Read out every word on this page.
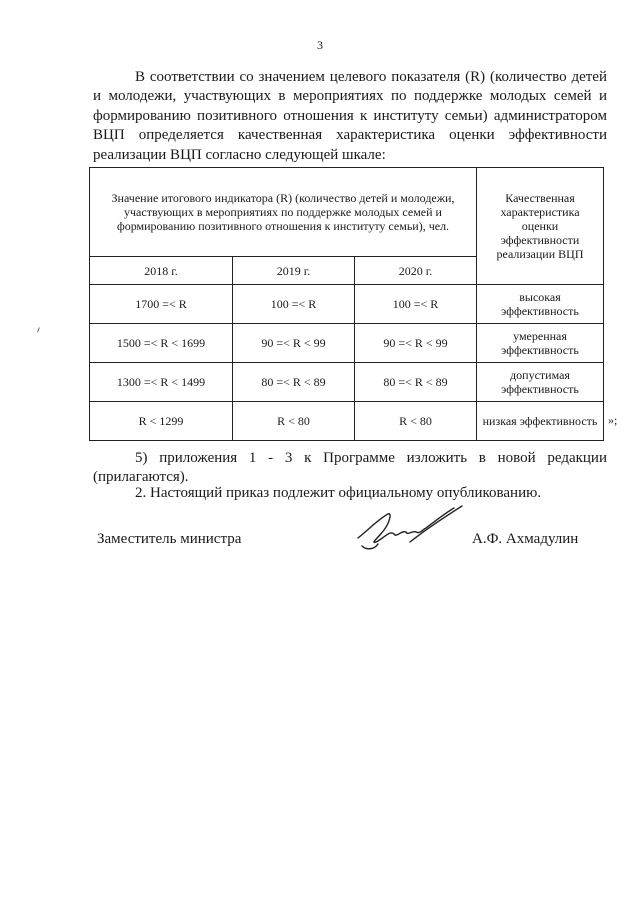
3
В соответствии со значением целевого показателя (R) (количество детей и молодежи, участвующих в мероприятиях по поддержке молодых семей и формированию позитивного отношения к институту семьи) администратором ВЦП определяется качественная характеристика оценки эффективности реализации ВЦП согласно следующей шкале:
Значение итогового индикатора (R) (количество детей и молодежи, участвующих в мероприятиях по поддержке молодых семей и формированию позитивного отношения к институту семьи), чел.			Качественная характеристика оценки эффективности реализации ВЦП
2018 г.	2019 г.	2020 г.	
1700 =< R	100 =< R	100 =< R	высокая эффективность
1500 =< R < 1699	90 =< R < 99	90 =< R < 99	умеренная эффективность
1300 =< R < 1499	80 =< R < 89	80 =< R < 89	допустимая эффективность
R < 1299	R < 80	R < 80	низкая эффективность »;
ᐟ
5) приложения 1 - 3 к Программе изложить в новой редакции (прилагаются).
2. Настоящий приказ подлежит официальному опубликованию.
Заместитель министра	А.Ф. Ахмадулин
